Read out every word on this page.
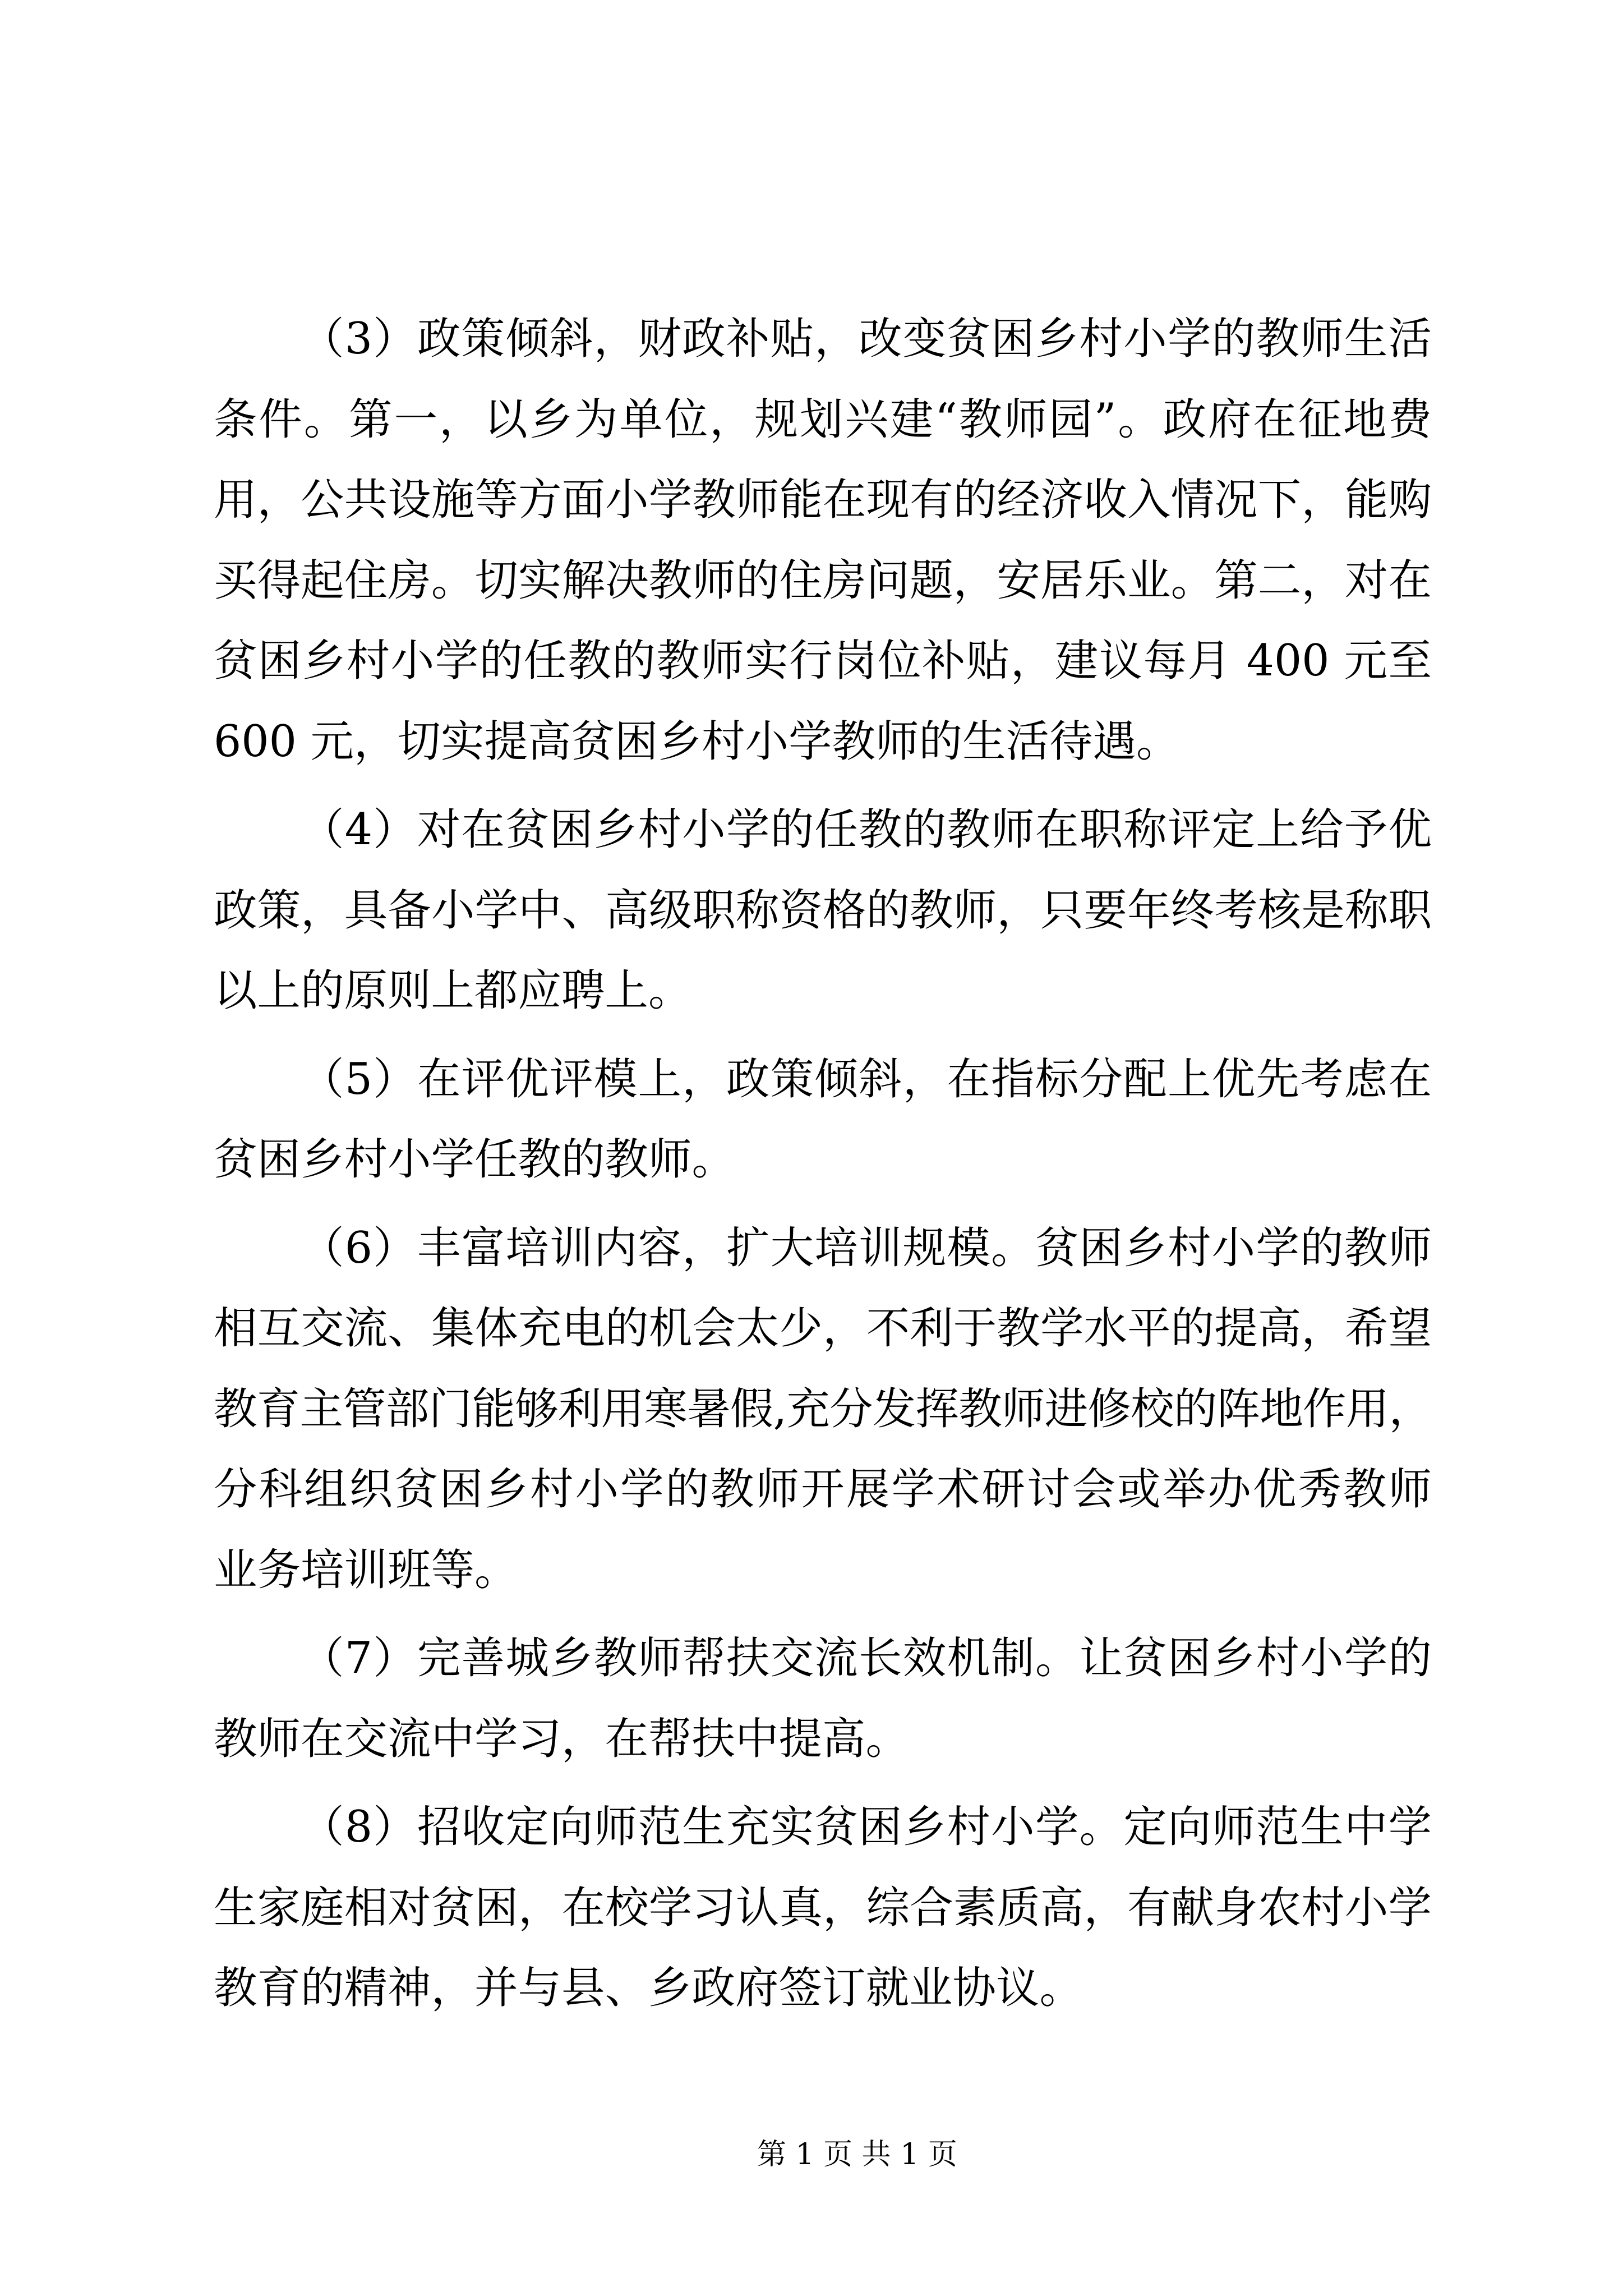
（3）政策倾斜，财政补贴，改变贫困乡村小学的教师生活
条件。第一，以乡为单位，规划兴建“教师园”。政府在征地费
用，公共设施等方面小学教师能在现有的经济收入情况下，能购
买得起住房。切实解决教师的住房问题，安居乐业。第二，对在
贫困乡村小学的任教的教师实行岗位补贴，建议每月 400 元至
600 元，切实提高贫困乡村小学教师的生活待遇。
（4）对在贫困乡村小学的任教的教师在职称评定上给予优
政策，具备小学中、高级职称资格的教师，只要年终考核是称职
以上的原则上都应聘上。
（5）在评优评模上，政策倾斜，在指标分配上优先考虑在
贫困乡村小学任教的教师。
（6）丰富培训内容，扩大培训规模。贫困乡村小学的教师
相互交流、集体充电的机会太少，不利于教学水平的提高，希望
教育主管部门能够利用寒暑假,充分发挥教师进修校的阵地作用，
分科组织贫困乡村小学的教师开展学术研讨会或举办优秀教师
业务培训班等。
（7）完善城乡教师帮扶交流长效机制。让贫困乡村小学的
教师在交流中学习，在帮扶中提高。
（8）招收定向师范生充实贫困乡村小学。定向师范生中学
生家庭相对贫困，在校学习认真，综合素质高，有献身农村小学
教育的精神，并与县、乡政府签订就业协议。
第 1 页 共 1 页
